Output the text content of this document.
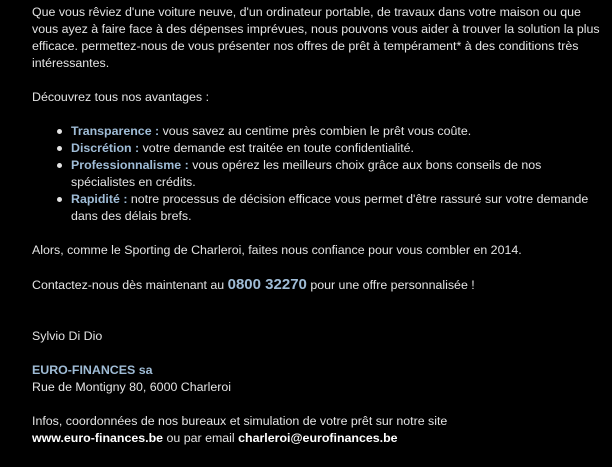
Que vous rêviez d'une voiture neuve, d'un ordinateur portable, de travaux dans votre maison ou que vous ayez à faire face à des dépenses imprévues, nous pouvons vous aider à trouver la solution la plus efficace. permettez-nous de vous présenter nos offres de prêt à tempérament* à des conditions très intéressantes.

Découvrez tous nos avantages :

Transparence : vous savez au centime près combien le prêt vous coûte.
Discrétion : votre demande est traitée en toute confidentialité.
Professionnalisme : vous opérez les meilleurs choix grâce aux bons conseils de nos spécialistes en crédits.
Rapidité : notre processus de décision efficace vous permet d'être rassuré sur votre demande dans des délais brefs.

Alors, comme le Sporting de Charleroi, faites nous confiance pour vous combler en 2014.

Contactez-nous dès maintenant au 0800 32270 pour une offre personnalisée !

Sylvio Di Dio

EURO-FINANCES sa

Rue de Montigny 80, 6000 Charleroi

Infos, coordonnées de nos bureaux et simulation de votre prêt sur notre site

www.euro-finances.be ou par email charleroi@eurofinances.be
